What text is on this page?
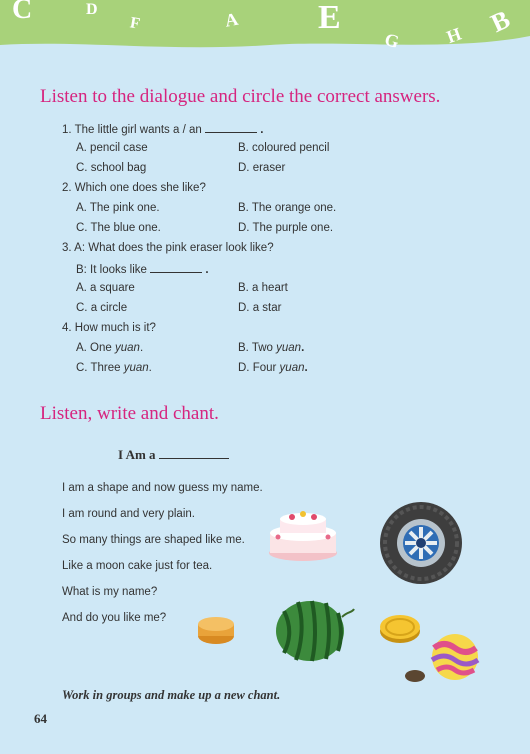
C	D
F	A E
G H B
Listen to the dialogue and circle the correct answers.
1. The little girl wants a / an	.
A. pencil case	B. coloured pencil
C. school bag	D. eraser
2. Which one does she like?
A. The pink one.	B. The orange one.
C. The blue one.	D. The purple one.
3. A: What does the pink eraser look like?
B: It looks like	.
A. a square	B. a heart
C. a circle	D. a star
4. How much is it?
A. One yuan.	B. Two yuan.
C. Three yuan.	D. Four yuan.
Listen, write and chant.
I Am a
I am a shape and now guess my name.
I am round and very plain.
So many things are shaped like me.
Like a moon cake just for tea.
What is my name?
And do you like me?
Work in groups and make up a new chant.
64
